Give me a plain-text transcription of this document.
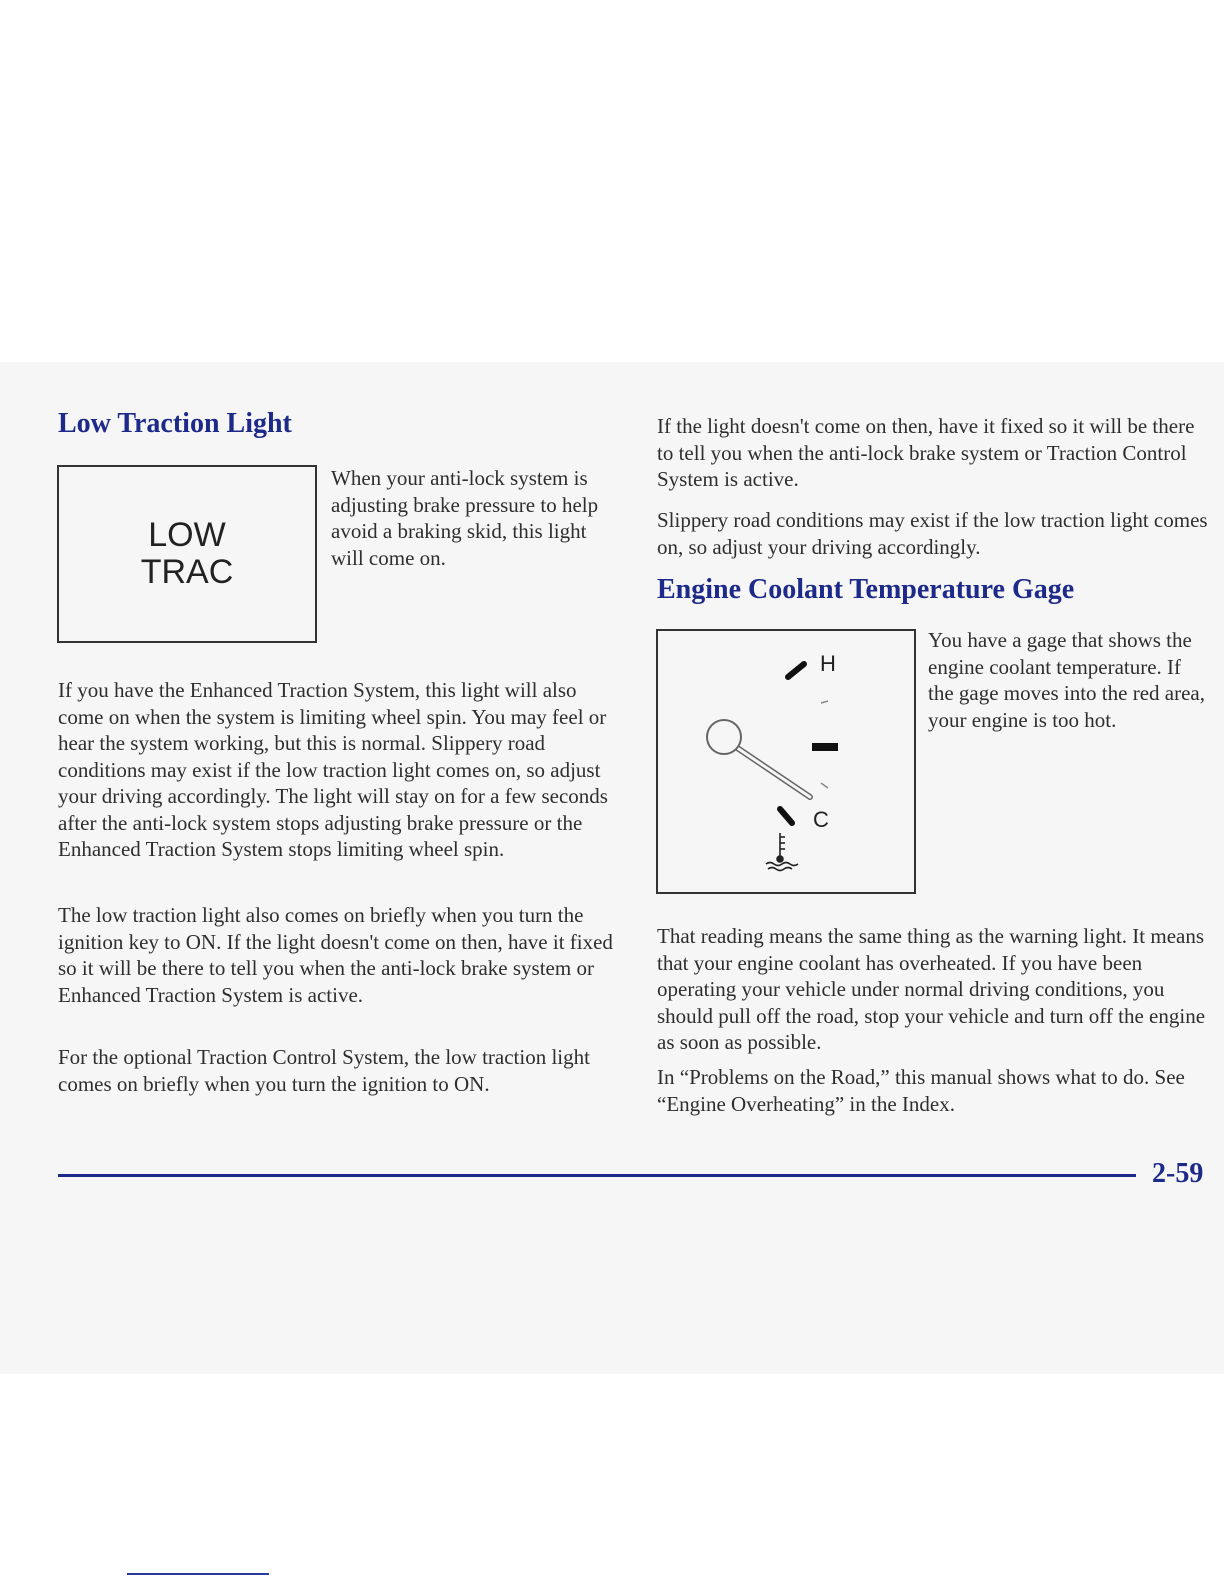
Low Traction Light
LOW
TRAC

When your anti-lock system is adjusting brake pressure to help avoid a braking skid, this light will come on.

If you have the Enhanced Traction System, this light will also come on when the system is limiting wheel spin. You may feel or hear the system working, but this is normal. Slippery road conditions may exist if the low traction light comes on, so adjust your driving accordingly. The light will stay on for a few seconds after the anti-lock system stops adjusting brake pressure or the Enhanced Traction System stops limiting wheel spin.

The low traction light also comes on briefly when you turn the ignition key to ON. If the light doesn't come on then, have it fixed so it will be there to tell you when the anti-lock brake system or Enhanced Traction System is active.

For the optional Traction Control System, the low traction light comes on briefly when you turn the ignition to ON.

If the light doesn't come on then, have it fixed so it will be there to tell you when the anti-lock brake system or Traction Control System is active.

Slippery road conditions may exist if the low traction light comes on, so adjust your driving accordingly.

Engine Coolant Temperature Gage
H
C

You have a gage that shows the engine coolant temperature. If the gage moves into the red area, your engine is too hot.

That reading means the same thing as the warning light. It means that your engine coolant has overheated. If you have been operating your vehicle under normal driving conditions, you should pull off the road, stop your vehicle and turn off the engine as soon as possible.

In “Problems on the Road,” this manual shows what to do. See “Engine Overheating” in the Index.

2-59
